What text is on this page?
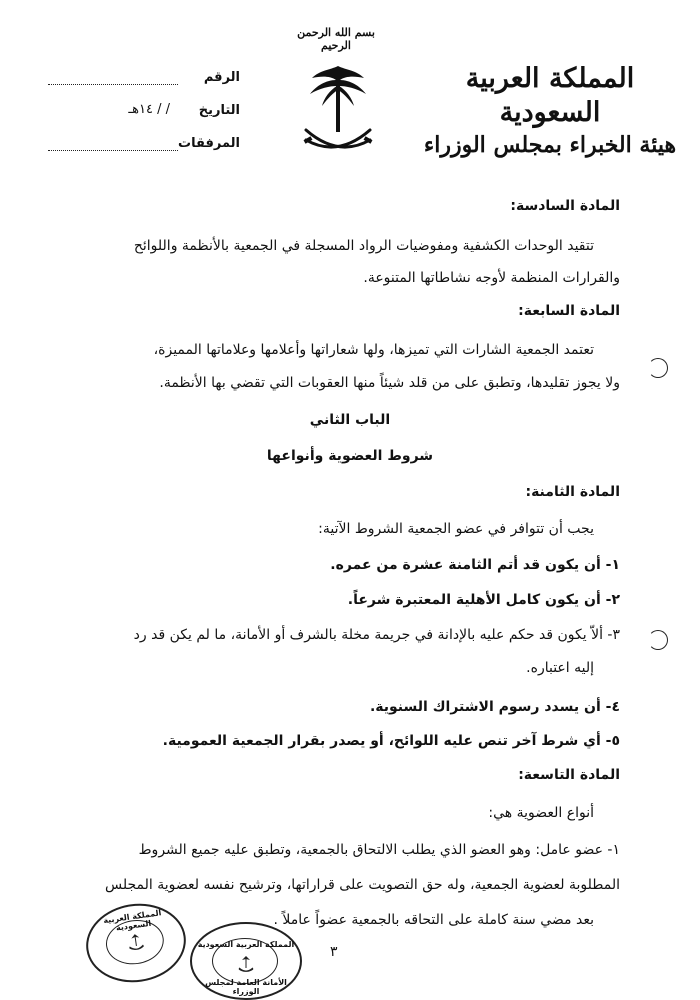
الرقم
التاريخ
/ / ١٤هـ
المرفقات
بسم الله الرحمن الرحيم
المملكة العربية السعودية
هيئة الخبراء بمجلس الوزراء
المادة السادسة:
تتقيد الوحدات الكشفية ومفوضيات الرواد المسجلة في الجمعية بالأنظمة واللوائح
والقرارات المنظمة لأوجه نشاطاتها المتنوعة.
المادة السابعة:
تعتمد الجمعية الشارات التي تميزها، ولها شعاراتها وأعلامها وعلاماتها المميزة،
ولا يجوز تقليدها، وتطبق على من قلد شيئاً منها العقوبات التي تقضي بها الأنظمة.
الباب الثاني
شروط العضوية وأنواعها
المادة الثامنة:
يجب أن تتوافر في عضو الجمعية الشروط الآتية:
١- أن يكون قد أتم الثامنة عشرة من عمره.
٢- أن يكون كامل الأهلية المعتبرة شرعاً.
٣- ألاّ يكون قد حكم عليه بالإدانة في جريمة مخلة بالشرف أو الأمانة، ما لم يكن قد رد
إليه اعتباره.
٤- أن يسدد رسوم الاشتراك السنوية.
٥- أي شرط آخر تنص عليه اللوائح، أو يصدر بقرار الجمعية العمومية.
المادة التاسعة:
أنواع العضوية هي:
١- عضو عامل: وهو العضو الذي يطلب الالتحاق بالجمعية، وتطبق عليه جميع الشروط
المطلوبة لعضوية الجمعية، وله حق التصويت على قراراتها، وترشيح نفسه لعضوية المجلس
بعد مضي سنة كاملة على التحاقه بالجمعية عضواً عاملاً .
٣
المملكة العربية السعودية
المملكة العربية السعودية
الأمانة العامة لمجلس الوزراء
